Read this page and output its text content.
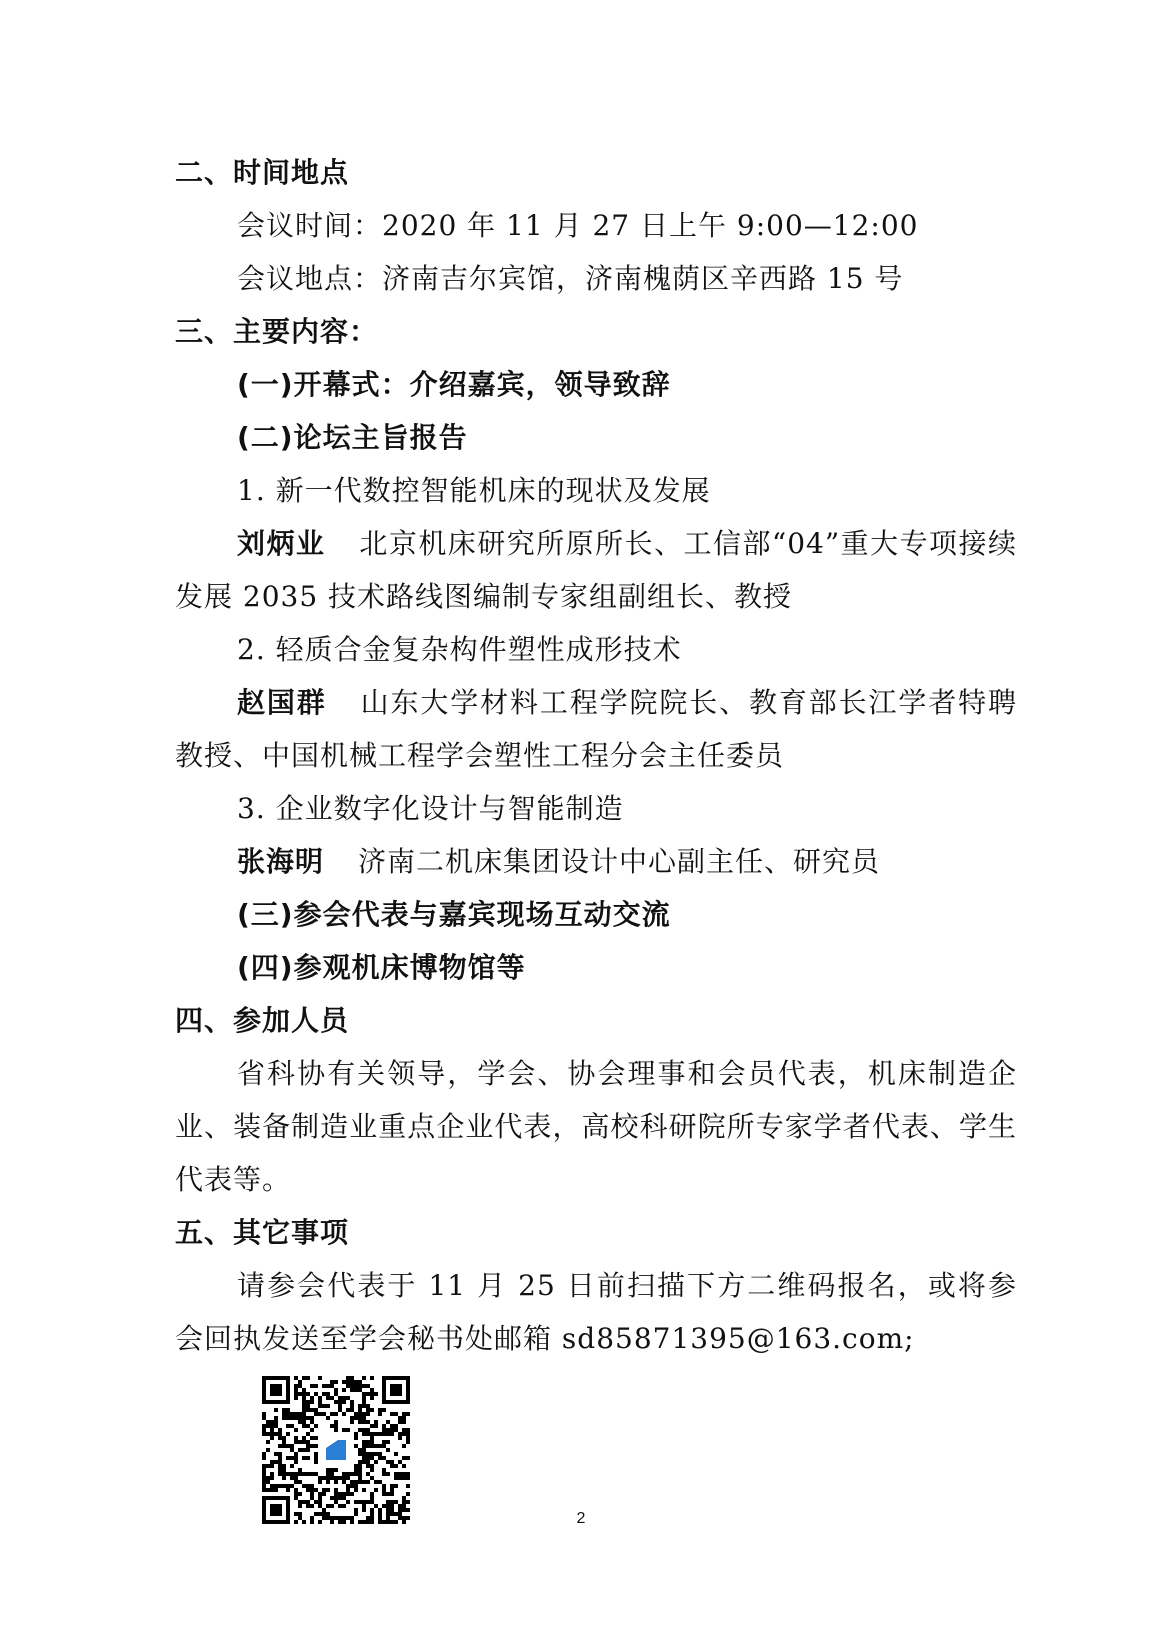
二、时间地点
会议时间：2020 年 11 月 27 日上午 9:00—12:00
会议地点：济南吉尔宾馆，济南槐荫区辛西路 15 号
三、主要内容：
(一)开幕式：介绍嘉宾，领导致辞
(二)论坛主旨报告
1. 新一代数控智能机床的现状及发展
刘炳业 北京机床研究所原所长、工信部“04”重大专项接续发展 2035 技术路线图编制专家组副组长、教授
2. 轻质合金复杂构件塑性成形技术
赵国群 山东大学材料工程学院院长、教育部长江学者特聘教授、中国机械工程学会塑性工程分会主任委员
3. 企业数字化设计与智能制造
张海明 济南二机床集团设计中心副主任、研究员
(三)参会代表与嘉宾现场互动交流
(四)参观机床博物馆等
四、参加人员
省科协有关领导，学会、协会理事和会员代表，机床制造企业、装备制造业重点企业代表，高校科研院所专家学者代表、学生代表等。
五、其它事项
请参会代表于 11 月 25 日前扫描下方二维码报名，或将参会回执发送至学会秘书处邮箱 sd85871395@163.com;
2
